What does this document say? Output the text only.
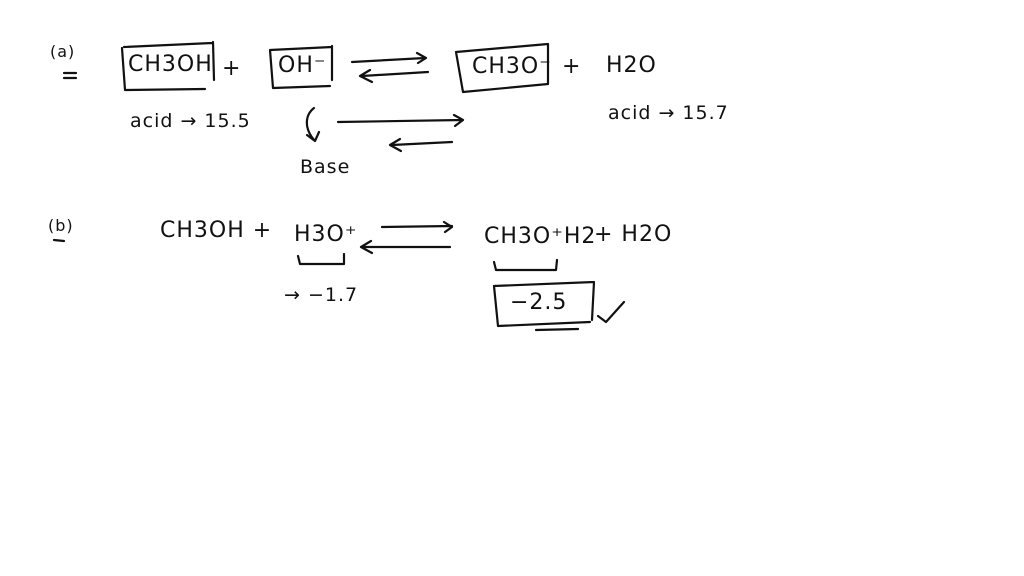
(a)
CH3OH + OH⁻	CH3O⁻ + H2O
acid → 15.5
Base
acid → 15.7
(b)	CH3OH + H3O⁺	CH3O⁺H2
+ H2O
→ −1.7	−2.5
